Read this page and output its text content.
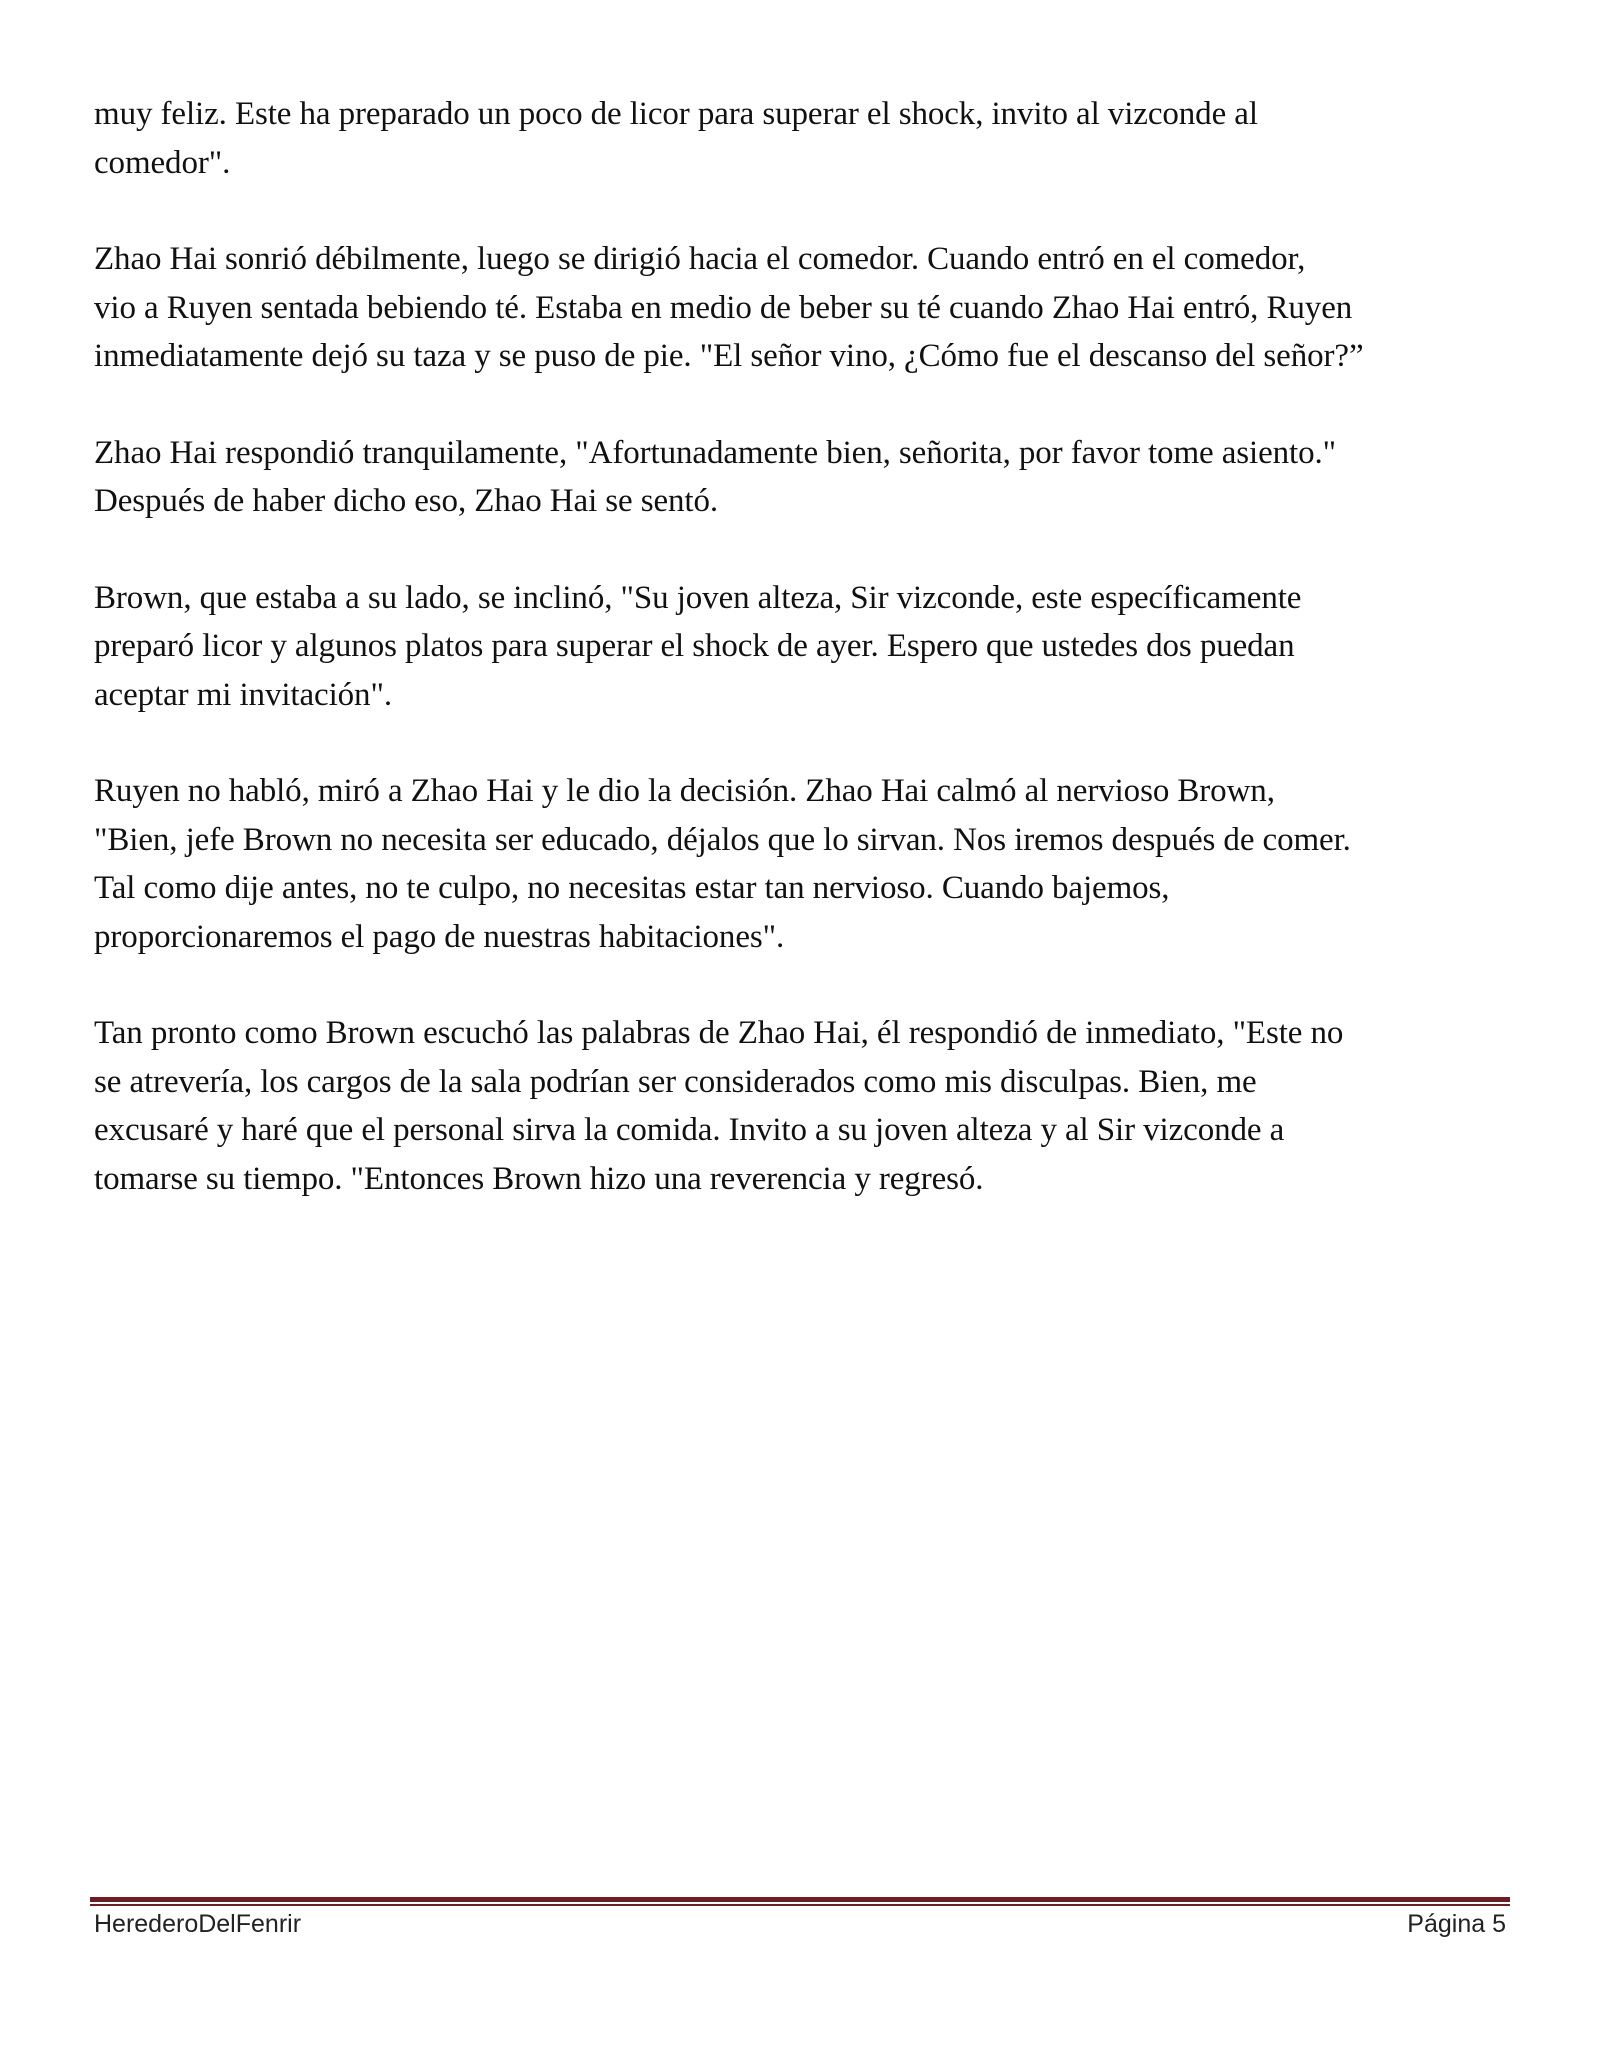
muy feliz. Este ha preparado un poco de licor para superar el shock, invito al vizconde al
comedor".

Zhao Hai sonrió débilmente, luego se dirigió hacia el comedor. Cuando entró en el comedor,
vio a Ruyen sentada bebiendo té. Estaba en medio de beber su té cuando Zhao Hai entró, Ruyen
inmediatamente dejó su taza y se puso de pie. "El señor vino, ¿Cómo fue el descanso del señor?”

Zhao Hai respondió tranquilamente, "Afortunadamente bien, señorita, por favor tome asiento."
Después de haber dicho eso, Zhao Hai se sentó.

Brown, que estaba a su lado, se inclinó, "Su joven alteza, Sir vizconde, este específicamente
preparó licor y algunos platos para superar el shock de ayer. Espero que ustedes dos puedan
aceptar mi invitación".

Ruyen no habló, miró a Zhao Hai y le dio la decisión. Zhao Hai calmó al nervioso Brown,
"Bien, jefe Brown no necesita ser educado, déjalos que lo sirvan. Nos iremos después de comer.
Tal como dije antes, no te culpo, no necesitas estar tan nervioso. Cuando bajemos,
proporcionaremos el pago de nuestras habitaciones".

Tan pronto como Brown escuchó las palabras de Zhao Hai, él respondió de inmediato, "Este no
se atrevería, los cargos de la sala podrían ser considerados como mis disculpas. Bien, me
excusaré y haré que el personal sirva la comida. Invito a su joven alteza y al Sir vizconde a
tomarse su tiempo. "Entonces Brown hizo una reverencia y regresó.

HerederoDelFenrir	Página 5
